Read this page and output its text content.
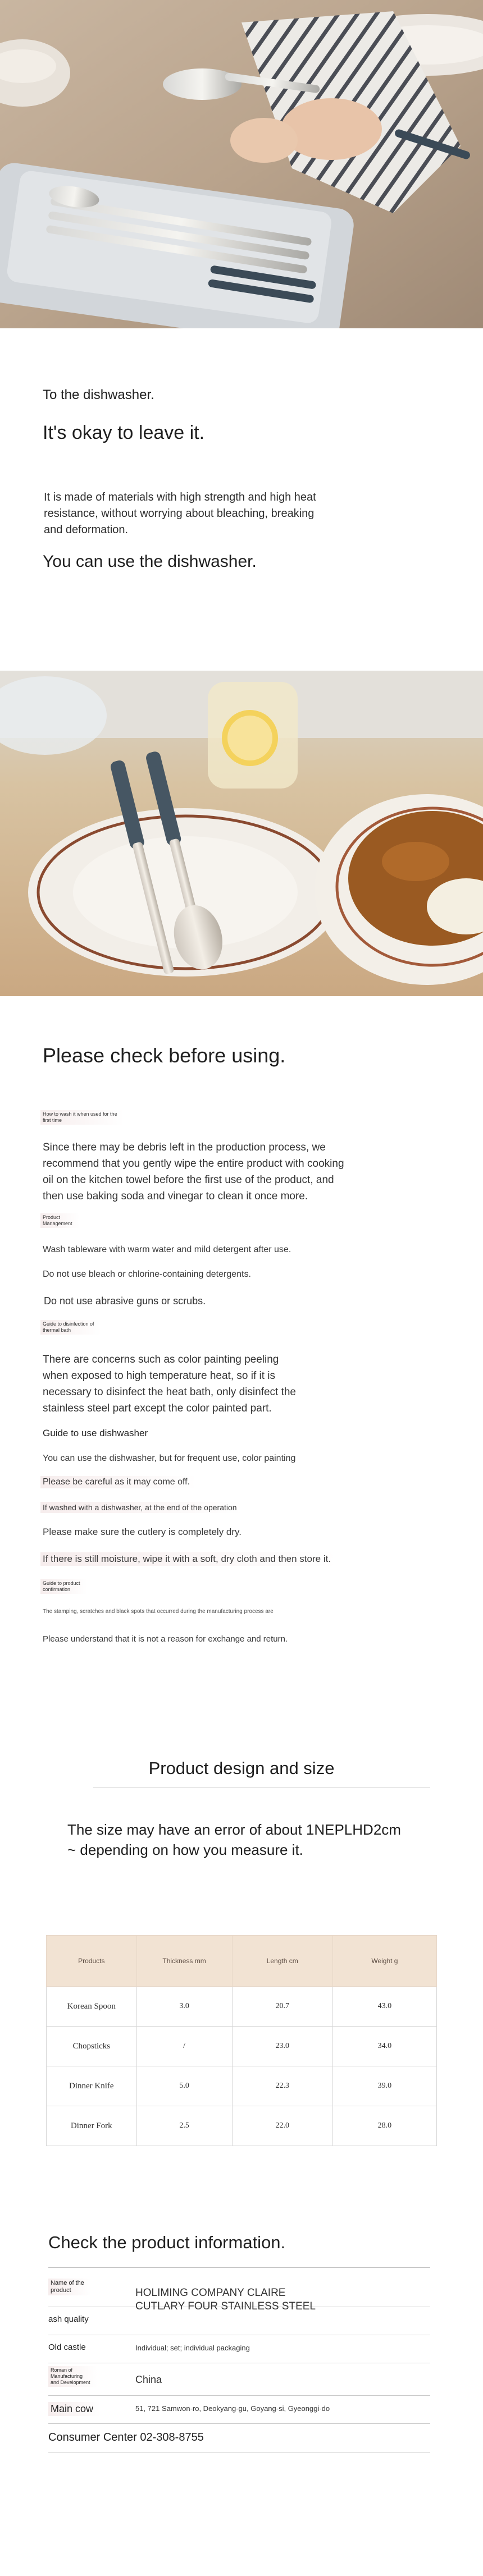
To the dishwasher.

It's okay to leave it.

It is made of materials with high strength and high heat
resistance, without worrying about bleaching, breaking
and deformation.

You can use the dishwasher.

Please check before using.

How to wash it when used for the
first time

Since there may be debris left in the production process, we
recommend that you gently wipe the entire product with cooking
oil on the kitchen towel before the first use of the product, and
then use baking soda and vinegar to clean it once more.

Product
Management

Wash tableware with warm water and mild detergent after use.

Do not use bleach or chlorine-containing detergents.

Do not use abrasive guns or scrubs.

Guide to disinfection of
thermal bath

There are concerns such as color painting peeling
when exposed to high temperature heat, so if it is
necessary to disinfect the heat bath, only disinfect the
stainless steel part except the color painted part.

Guide to use dishwasher

You can use the dishwasher, but for frequent use, color painting

Please be careful as it may come off.

If washed with a dishwasher, at the end of the operation

Please make sure the cutlery is completely dry.

If there is still moisture, wipe it with a soft, dry cloth and then store it.

Guide to product
confirmation

The stamping, scratches and black spots that occurred during the manufacturing process are

Please understand that it is not a reason for exchange and return.

Product design and size

The size may have an error of about 1NEPLHD2cm
~ depending on how you measure it.

Products	Thickness mm	Length cm	Weight g
Korean Spoon	3.0	20.7	43.0
Chopsticks	/	23.0	34.0
Dinner Knife	5.0	22.3	39.0
Dinner Fork	2.5	22.0	28.0

Check the product information.

Name of the
product	HOLIMING COMPANY CLAIRE
CUTLARY FOUR STAINLESS STEEL

ash quality

Old castle	Individual; set; individual packaging

Roman of
Manufacturing
and Development	China

Main cow	51, 721 Samwon-ro, Deokyang-gu, Goyang-si, Gyeonggi-do

Consumer Center 02-308-8755
